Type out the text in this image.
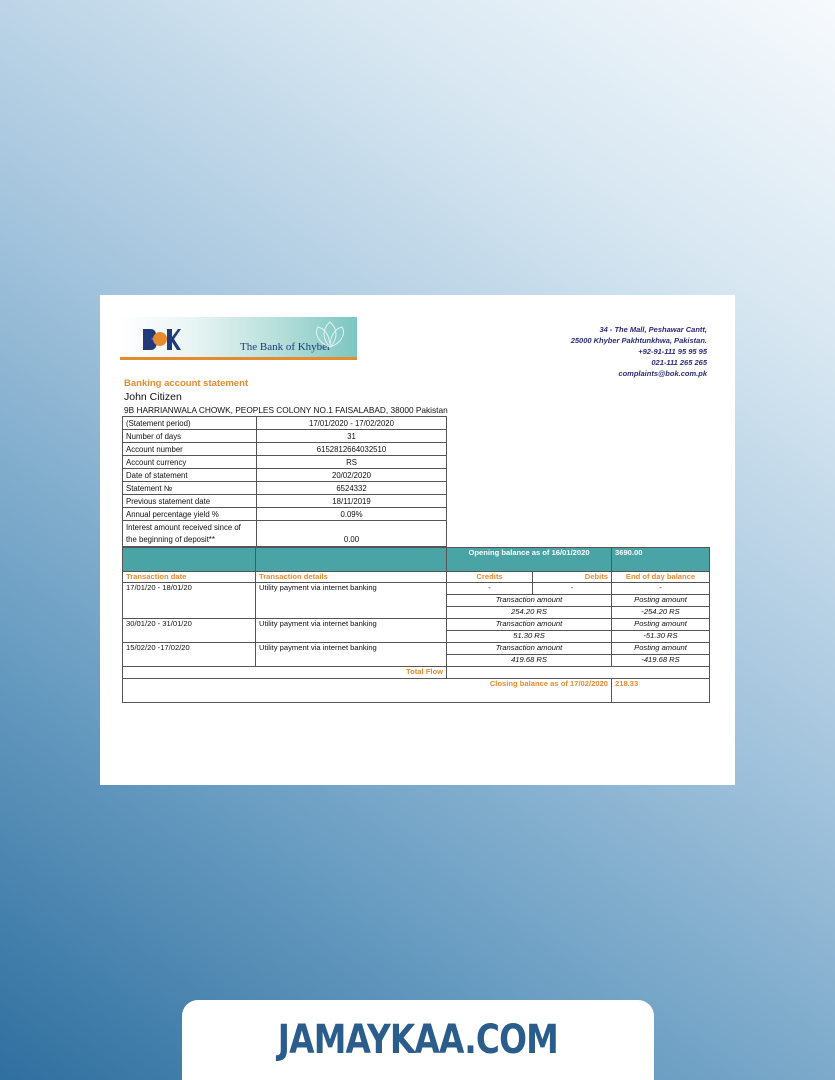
The Bank of Khyber
34 - The Mall, Peshawar Cantt,
25000 Khyber Pakhtunkhwa, Pakistan.
+92-91-111 95 95 95
021-111 265 265
complaints@bok.com.pk
Banking account statement
John Citizen
9B HARRIANWALA CHOWK, PEOPLES COLONY NO.1 FAISALABAD, 38000 Pakistan
(Statement period)	17/01/2020 - 17/02/2020
Number of days	31
Account number	6152812664032510
Account currency	RS
Date of statement	20/02/2020
Statement №	6524332
Previous statement date	18/11/2019
Annual percentage yield %	0.09%
Interest amount received since of the beginning of deposit**	0.00
		Opening balance as of 16/01/2020		3690.00
Transaction date	Transaction details	Credits	Debits	End of day balance
17/01/20 - 18/01/20	Utility payment via internet banking	-	-	-
		Transaction amount		Posting amount
		254.20 RS		-254.20 RS
30/01/20 - 31/01/20	Utility payment via internet banking	Transaction amount		Posting amount
		51.30 RS		-51.30 RS
15/02/20 -17/02/20	Utility payment via internet banking	Transaction amount		Posting amount
		419.68 RS		-419.68 RS
Total Flow				
Closing balance as of 17/02/2020				218.33
JAMAYKAA.COM
